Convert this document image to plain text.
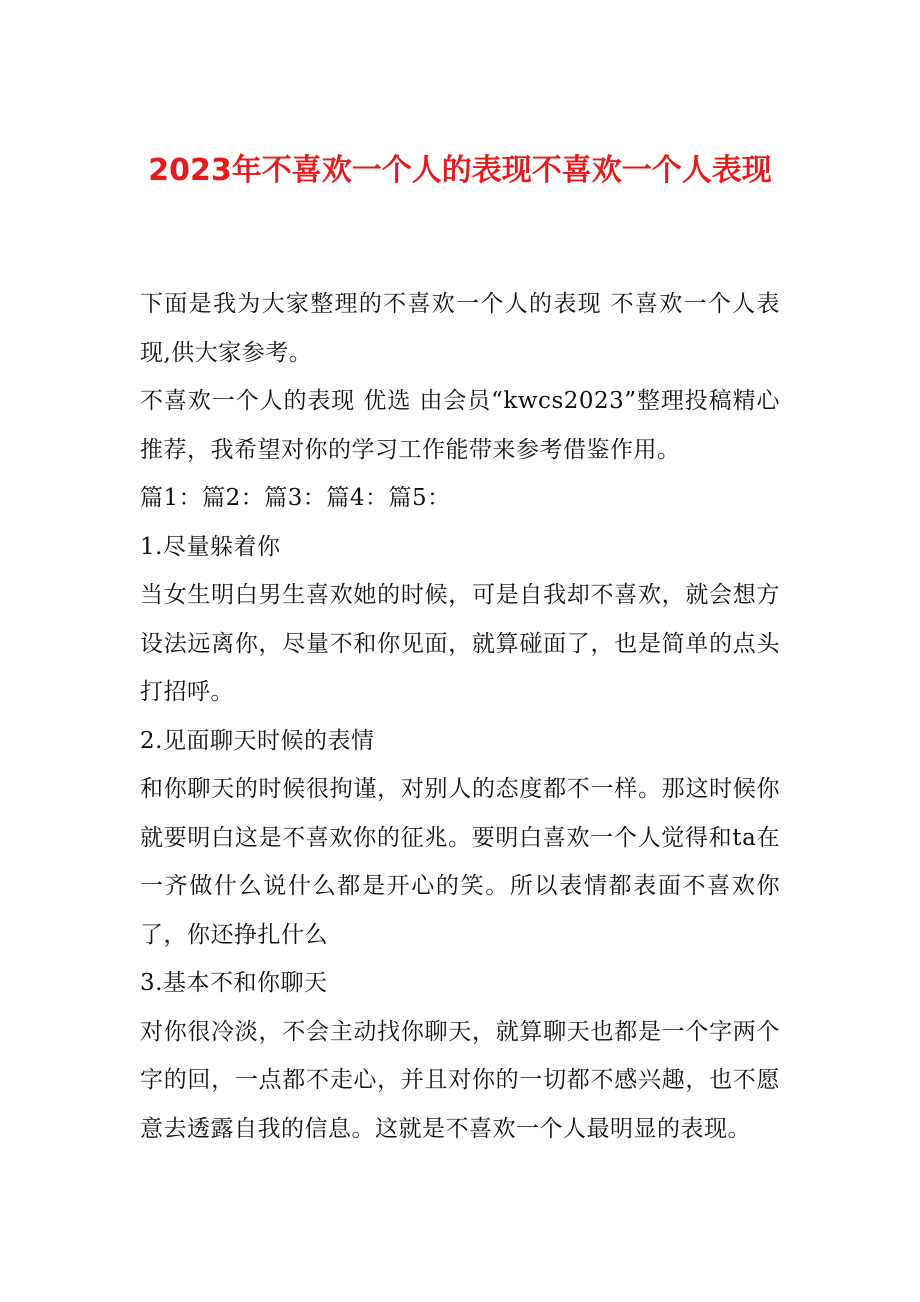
2023年不喜欢一个人的表现不喜欢一个人表现

下面是我为大家整理的不喜欢一个人的表现 不喜欢一个人表现,供大家参考。

不喜欢一个人的表现 优选 由会员“kwcs2023”整理投稿精心推荐，我希望对你的学习工作能带来参考借鉴作用。

篇1：篇2：篇3：篇4：篇5：

1.尽量躲着你

当女生明白男生喜欢她的时候，可是自我却不喜欢，就会想方设法远离你，尽量不和你见面，就算碰面了，也是简单的点头打招呼。

2.见面聊天时候的表情

和你聊天的时候很拘谨，对别人的态度都不一样。那这时候你就要明白这是不喜欢你的征兆。要明白喜欢一个人觉得和ta在一齐做什么说什么都是开心的笑。所以表情都表面不喜欢你了，你还挣扎什么

3.基本不和你聊天

对你很冷淡，不会主动找你聊天，就算聊天也都是一个字两个字的回，一点都不走心，并且对你的一切都不感兴趣，也不愿意去透露自我的信息。这就是不喜欢一个人最明显的表现。
